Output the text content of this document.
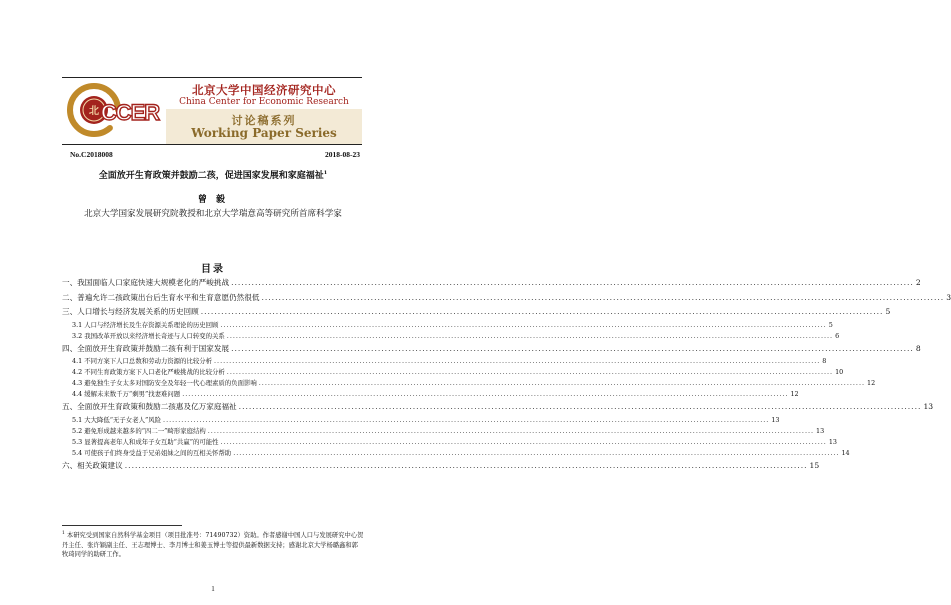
北 CCER
北京大学中国经济研究中心
China Center for Economic Research
讨论稿系列
Working Paper Series
No.C2018008	2018-08-23
全面放开生育政策并鼓励二孩，促进国家发展和家庭福祉$^1$
曾 毅
北京大学国家发展研究院教授和北京大学瑞意高等研究所首席科学家
目录
一、我国面临人口家庭快速大规模老化的严峻挑战 ........................................................................................................................................................................................................ 2
二、普遍允许二孩政策出台后生育水平和生育意愿仍然很低 ........................................................................................................................................................................................................ 3
三、人口增长与经济发展关系的历史回顾 ........................................................................................................................................................................................................ 5
3.1 人口与经济增长及生存资源关系理论的历史回顾 ........................................................................................................................................................................................................ 5
3.2 我国改革开放以来经济增长奇迹与人口转变的关系 ........................................................................................................................................................................................................ 6
四、全面放开生育政策并鼓励二孩有利于国家发展 ........................................................................................................................................................................................................ 8
4.1 不同方案下人口总数和劳动力资源的比较分析 ........................................................................................................................................................................................................ 8
4.2 不同生育政策方案下人口老化严峻挑战的比较分析 ........................................................................................................................................................................................................ 10
4.3 避免独生子女太多对国防安全及年轻一代心理素质的负面影响 ........................................................................................................................................................................................................ 12
4.4 缓解未来数千万“剩男”找妻难问题 ........................................................................................................................................................................................................ 12
五、全面放开生育政策和鼓励二孩惠及亿万家庭福祉 ........................................................................................................................................................................................................ 13
5.1 大大降低“无子女老人”风险 ........................................................................................................................................................................................................ 13
5.2 避免形成越来越多的“四二一”畸形家庭结构 ........................................................................................................................................................................................................ 13
5.3 显著提高老年人和成年子女互助“共赢”的可能性 ........................................................................................................................................................................................................ 13
5.4 可使孩子们终身受益于兄弟姐妹之间的互相关怀帮助 ........................................................................................................................................................................................................ 14
六、相关政策建议 ........................................................................................................................................................................................................ 15
$^1$ 本研究受到国家自然科学基金项目（项目批准号：71490732）资助。作者感谢中国人口与发展研究中心贺丹主任、张许颖副主任、王志理博士、李月博士和姜玉博士等提供最新数据支持；感谢北京大学杨璐鑫和郭牧琦同学的助研工作。
1
